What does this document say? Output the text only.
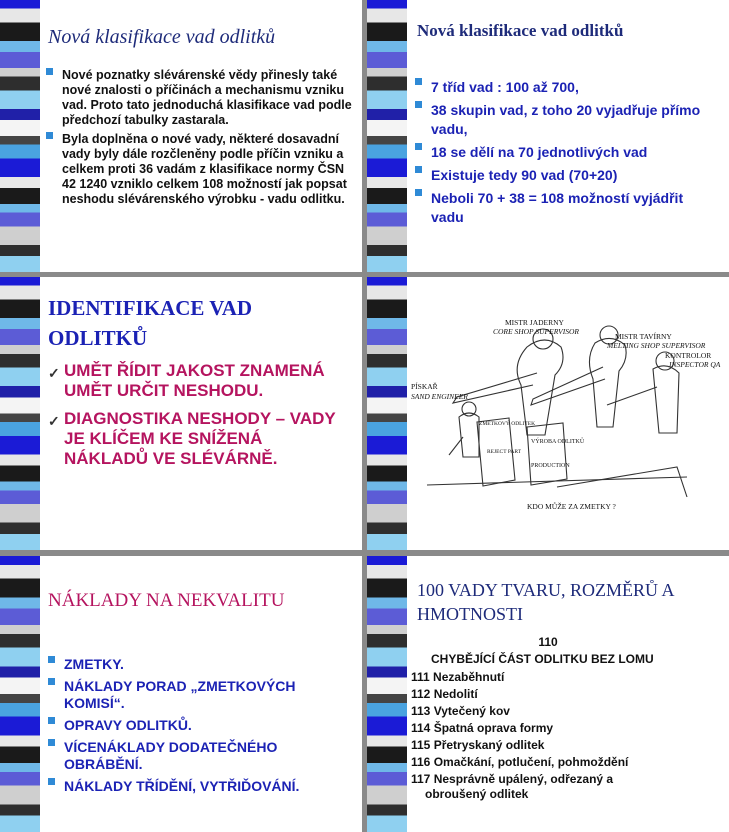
Nová klasifikace vad odlitků
Nové poznatky slévárenské vědy přinesly také nové znalosti o příčinách a mechanismu vzniku vad. Proto tato jednoduchá klasifikace vad podle předchozí tabulky zastarala.
Byla doplněna o nové vady, některé dosavadní vady byly dále rozčleněny podle příčin vzniku a celkem proti 36 vadám z klasifikace normy ČSN 42 1240 vzniklo celkem 108 možností jak popsat neshodu slévárenského výrobku - vadu odlitku.
Nová klasifikace vad odlitků
7 tříd vad : 100 až 700,
38 skupin vad, z toho 20 vyjadřuje přímo vadu,
18 se dělí na 70 jednotlivých vad
Existuje tedy 90 vad (70+20)
Neboli 70 + 38 = 108 možností vyjádřit vadu
IDENTIFIKACE VAD ODLITKŮ
✓ UMĚT ŘÍDIT JAKOST ZNAMENÁ UMĚT URČIT NESHODU.
✓ DIAGNOSTIKA NESHODY – VADY JE KLÍČEM KE SNÍŽENÁ NÁKLADŮ VE SLÉVÁRNĚ.
MISTR JADERNY
CORE SHOP SUPERVISOR
MISTR TAVÍRNY
MELTING SHOP SUPERVISOR
KONTROLOR
INSPECTOR QA
PÍSKAŘ
SAND ENGINEER
ZMETKOVÝ ODLITEK
REJECT PART
VÝROBA ODLITKŮ
PRODUCTION
KDO MŮŽE ZA ZMETKY ?
NÁKLADY NA NEKVALITU
ZMETKY.
NÁKLADY PORAD „ZMETKOVÝCH KOMISÍ“.
OPRAVY ODLITKŮ.
VÍCENÁKLADY DODATEČNÉHO OBRÁBĚNÍ.
NÁKLADY TŘÍDĚNÍ, VYTŘIĎOVÁNÍ.
100 VADY TVARU, ROZMĚRŮ A HMOTNOSTI
110
CHYBĚJÍCÍ ČÁST ODLITKU BEZ LOMU
111 Nezaběhnutí
112 Nedolití
113 Vytečený kov
114 Špatná oprava formy
115 Přetryskaný odlitek
116 Omačkání, potlučení, pohmoždění
117 Nesprávně upálený, odřezaný a
obroušený odlitek
